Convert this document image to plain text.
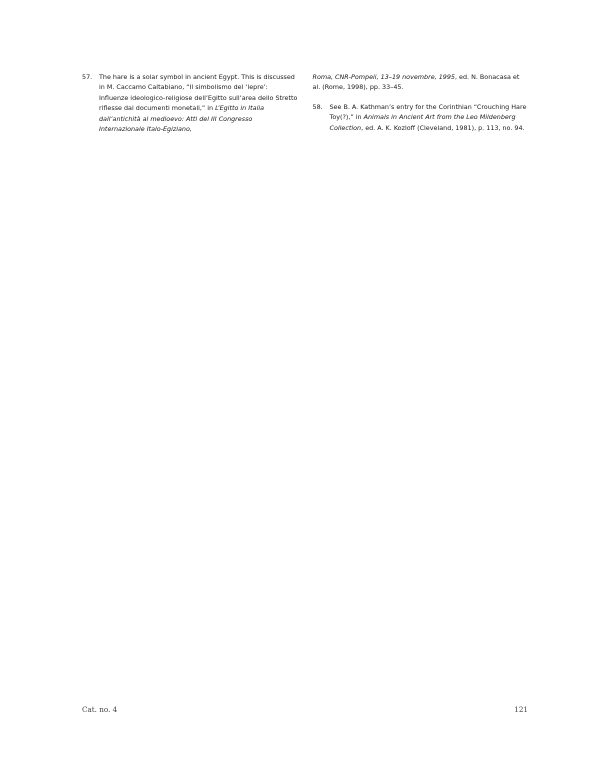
57.	The hare is a solar symbol in ancient Egypt. This is discussed in M. Caccamo Caltabiano, “Il simbolismo del ‘lepre’: Influenze ideologico-religiose dell’Egitto sull’area dello Stretto riflesse dai documenti monetali,” in L’Egitto in Italia dall’antichità al medioevo: Atti del III Congresso Internazionale Italo-Egiziano,
Roma, CNR-Pompeii, 13–19 novembre, 1995, ed. N. Bonacasa et al. (Rome, 1998), pp. 33–45.
58.	See B. A. Kathman’s entry for the Corinthian “Crouching Hare Toy(?),” in Animals in Ancient Art from the Leo Mildenberg Collection, ed. A. K. Kozloff (Cleveland, 1981), p. 113, no. 94.
Cat. no. 4	121
